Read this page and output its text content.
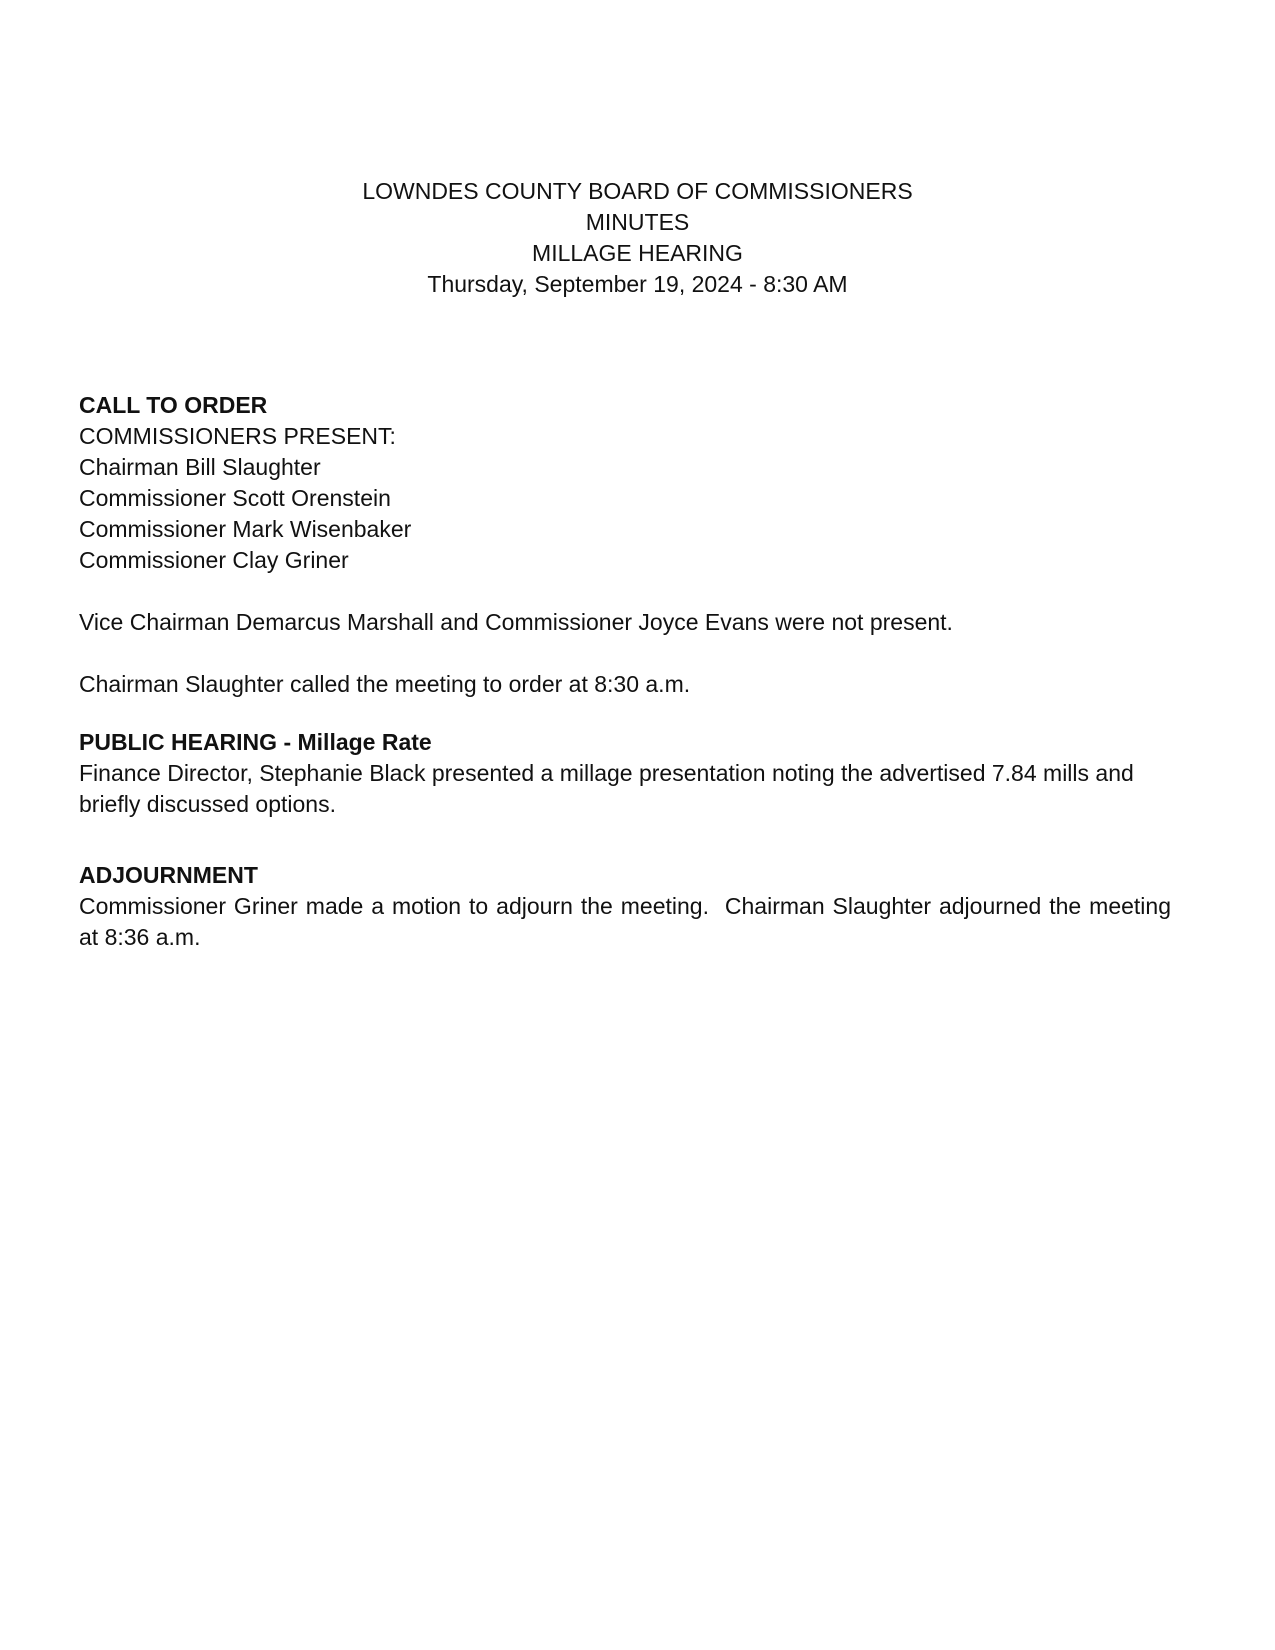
LOWNDES COUNTY BOARD OF COMMISSIONERS
MINUTES
MILLAGE HEARING
Thursday, September 19, 2024 - 8:30 AM
CALL TO ORDER
COMMISSIONERS PRESENT:
Chairman Bill Slaughter
Commissioner Scott Orenstein
Commissioner Mark Wisenbaker
Commissioner Clay Griner
Vice Chairman Demarcus Marshall and Commissioner Joyce Evans were not present.
Chairman Slaughter called the meeting to order at 8:30 a.m.
PUBLIC HEARING - Millage Rate
Finance Director, Stephanie Black presented a millage presentation noting the advertised 7.84 mills and briefly discussed options.
ADJOURNMENT
Commissioner Griner made a motion to adjourn the meeting.  Chairman Slaughter adjourned the meeting at 8:36 a.m.
